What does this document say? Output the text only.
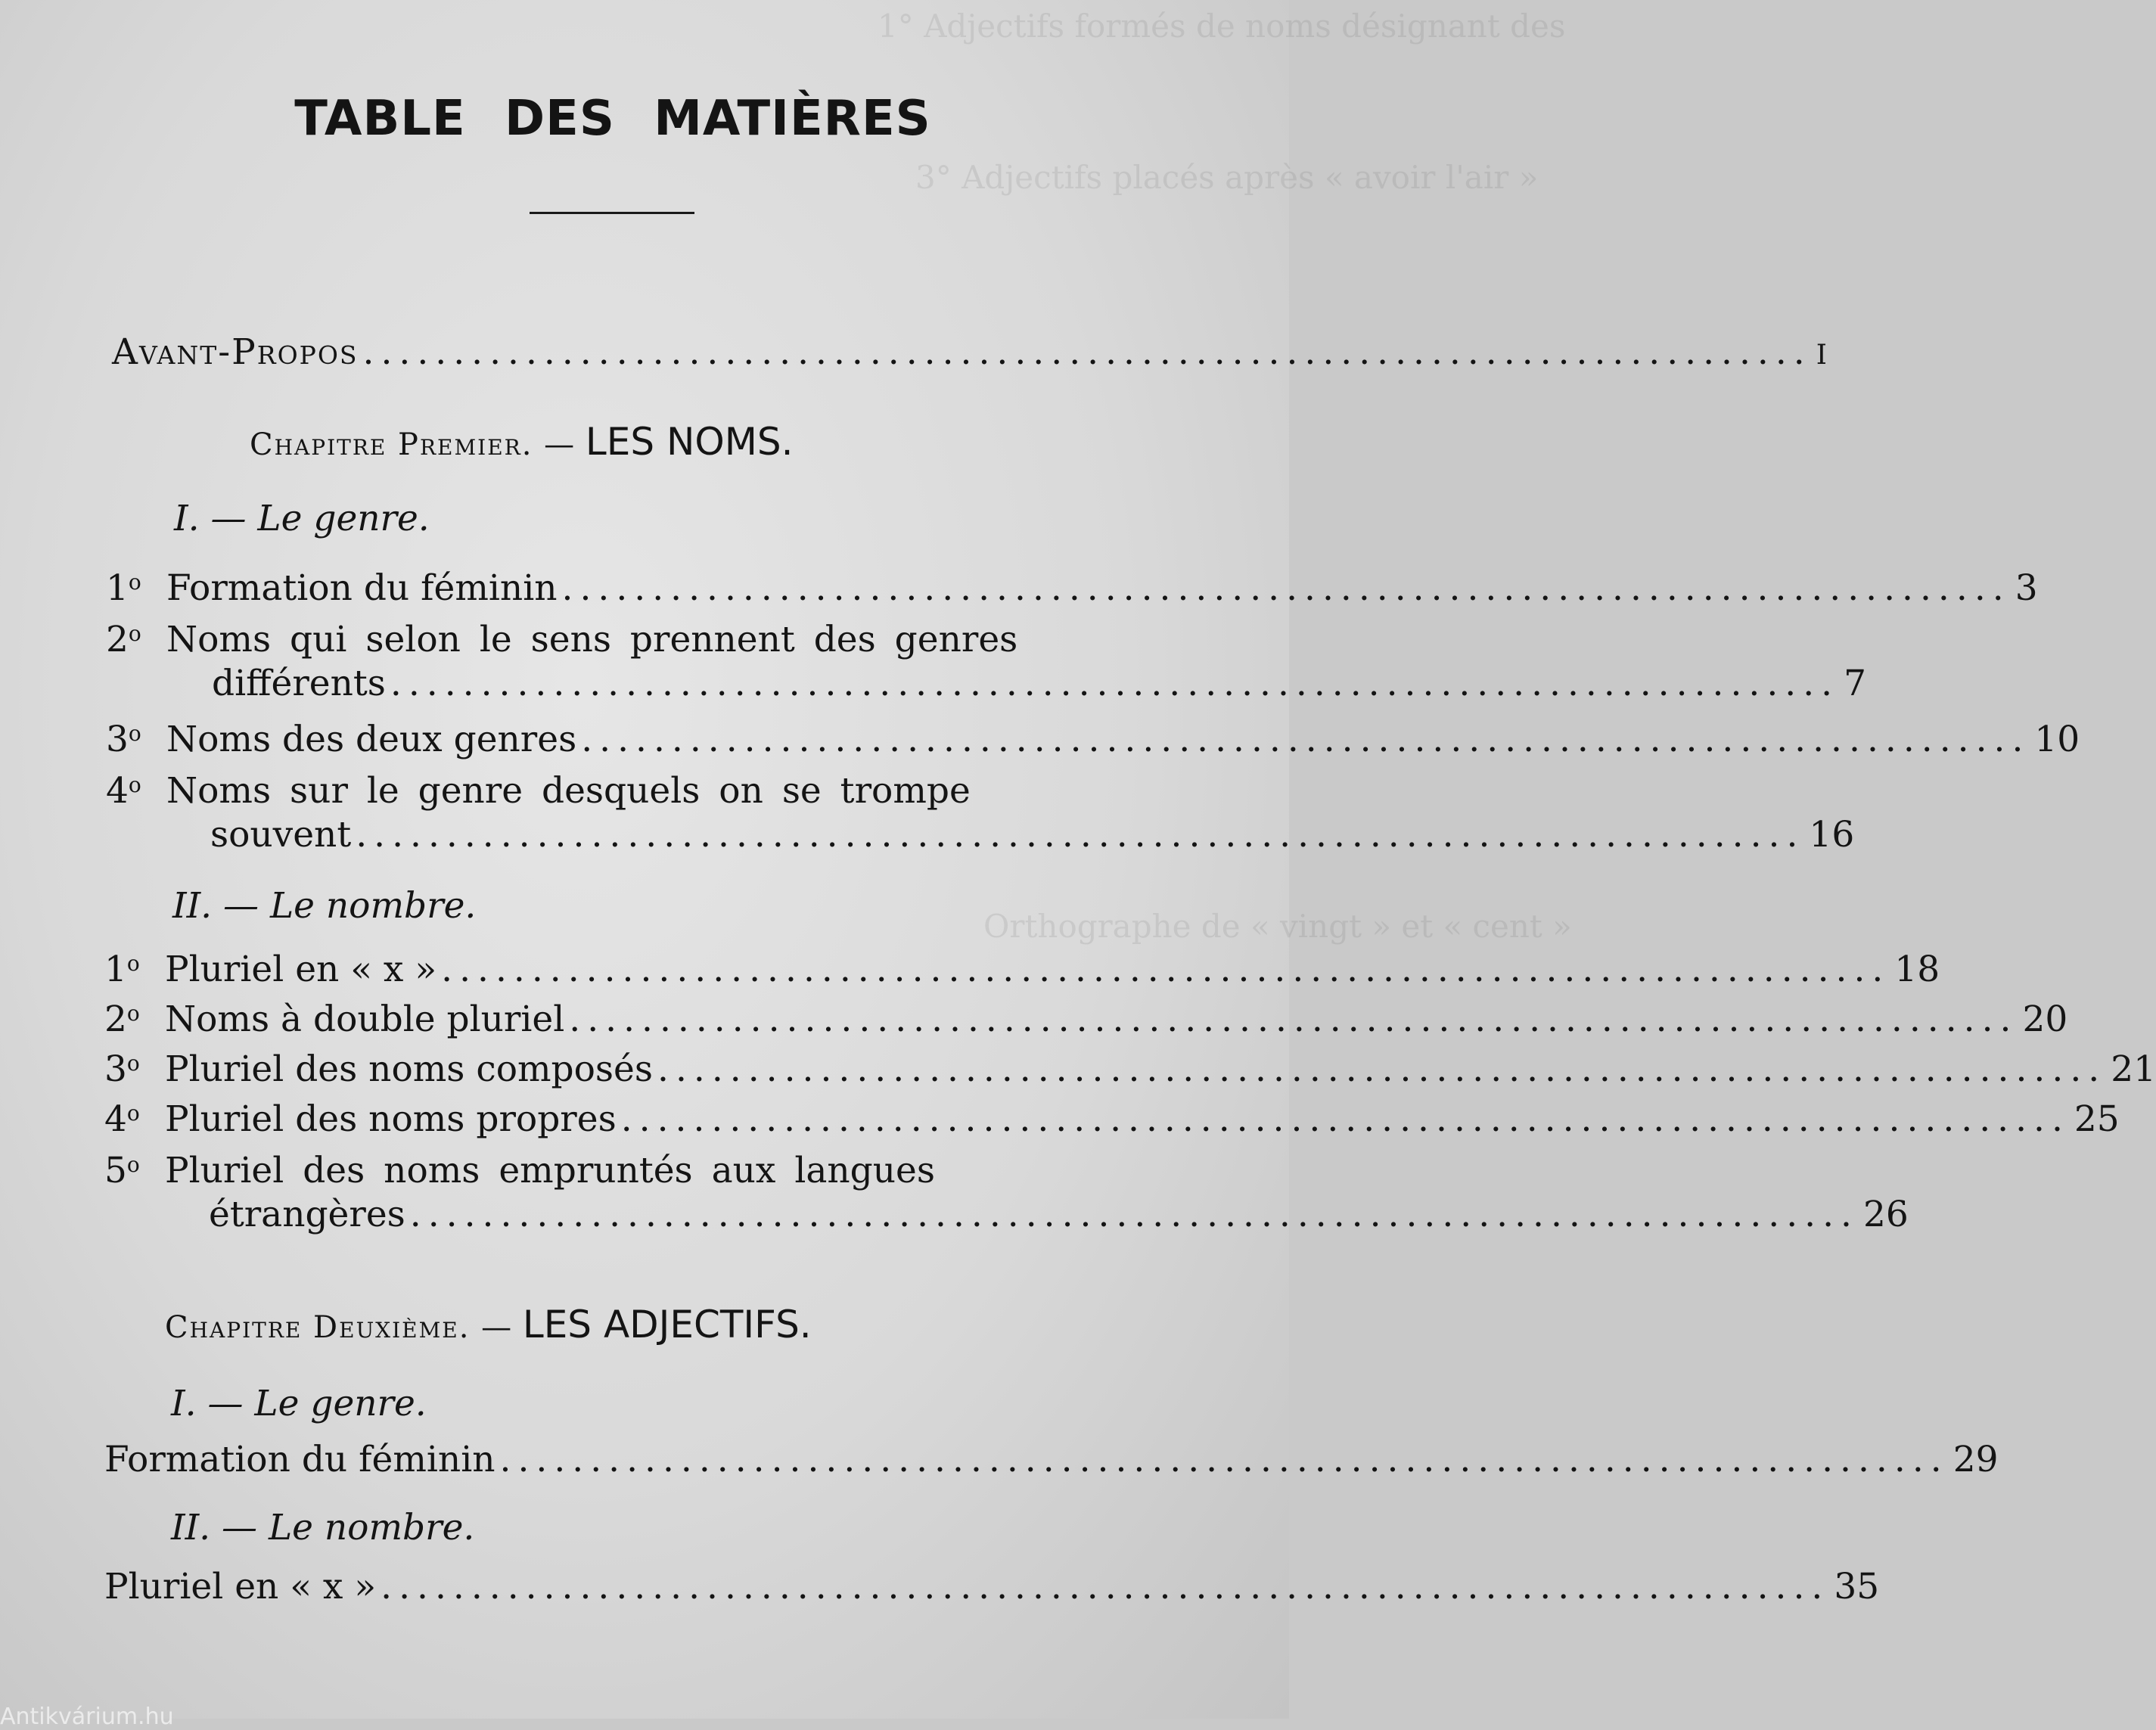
1° Adjectifs formés de noms désignant des
3° Adjectifs placés après « avoir l'air »
Orthographe de « vingt » et « cent »
TABLE DES MATIÈRES
Avant-Propos ................................................................................ I
Chapitre Premier. — LES NOMS.
I. — Le genre.
1$^o$ Formation du féminin ................................................................................ 3
2$^o$ Noms qui selon le sens prennent des genres
différents ................................................................................ 7
3$^o$ Noms des deux genres ................................................................................ 10
4$^o$ Noms sur le genre desquels on se trompe
souvent ................................................................................ 16
II. — Le nombre.
1$^o$ Pluriel en « x » ................................................................................ 18
2$^o$ Noms à double pluriel ................................................................................ 20
3$^o$ Pluriel des noms composés ................................................................................ 21
4$^o$ Pluriel des noms propres ................................................................................ 25
5$^o$ Pluriel des noms empruntés aux langues
étrangères ................................................................................ 26
Chapitre Deuxième. — LES ADJECTIFS.
I. — Le genre.
Formation du féminin ................................................................................ 29
II. — Le nombre.
Pluriel en « x » ................................................................................ 35
Antikvárium.hu
